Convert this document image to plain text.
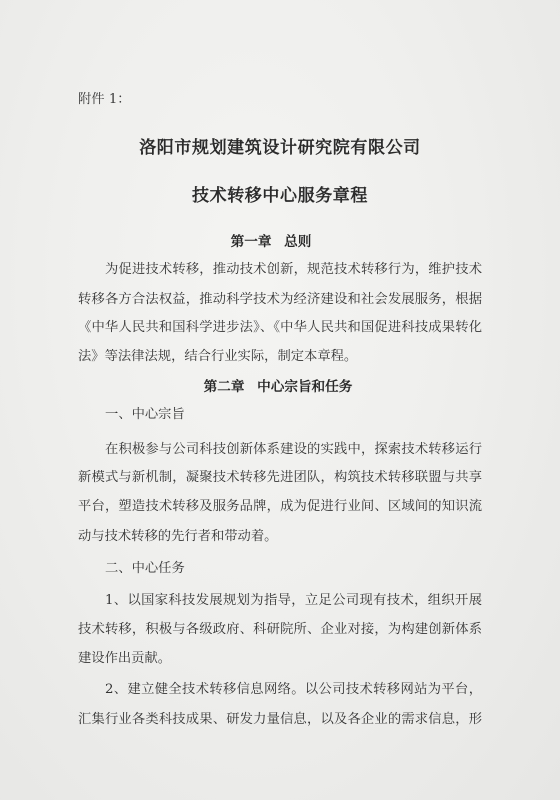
附件 1：
洛阳市规划建筑设计研究院有限公司
技术转移中心服务章程
第一章 总则
为促进技术转移，推动技术创新，规范技术转移行为，维护技术
转移各方合法权益，推动科学技术为经济建设和社会发展服务，根据
《中华人民共和国科学进步法》、《中华人民共和国促进科技成果转化
法》等法律法规，结合行业实际，制定本章程。
第二章 中心宗旨和任务
一、中心宗旨
在积极参与公司科技创新体系建设的实践中，探索技术转移运行
新模式与新机制，凝聚技术转移先进团队，构筑技术转移联盟与共享
平台，塑造技术转移及服务品牌，成为促进行业间、区域间的知识流
动与技术转移的先行者和带动着。
二、中心任务
1、以国家科技发展规划为指导，立足公司现有技术，组织开展
技术转移，积极与各级政府、科研院所、企业对接，为构建创新体系
建设作出贡献。
2、建立健全技术转移信息网络。以公司技术转移网站为平台，
汇集行业各类科技成果、研发力量信息，以及各企业的需求信息，形
